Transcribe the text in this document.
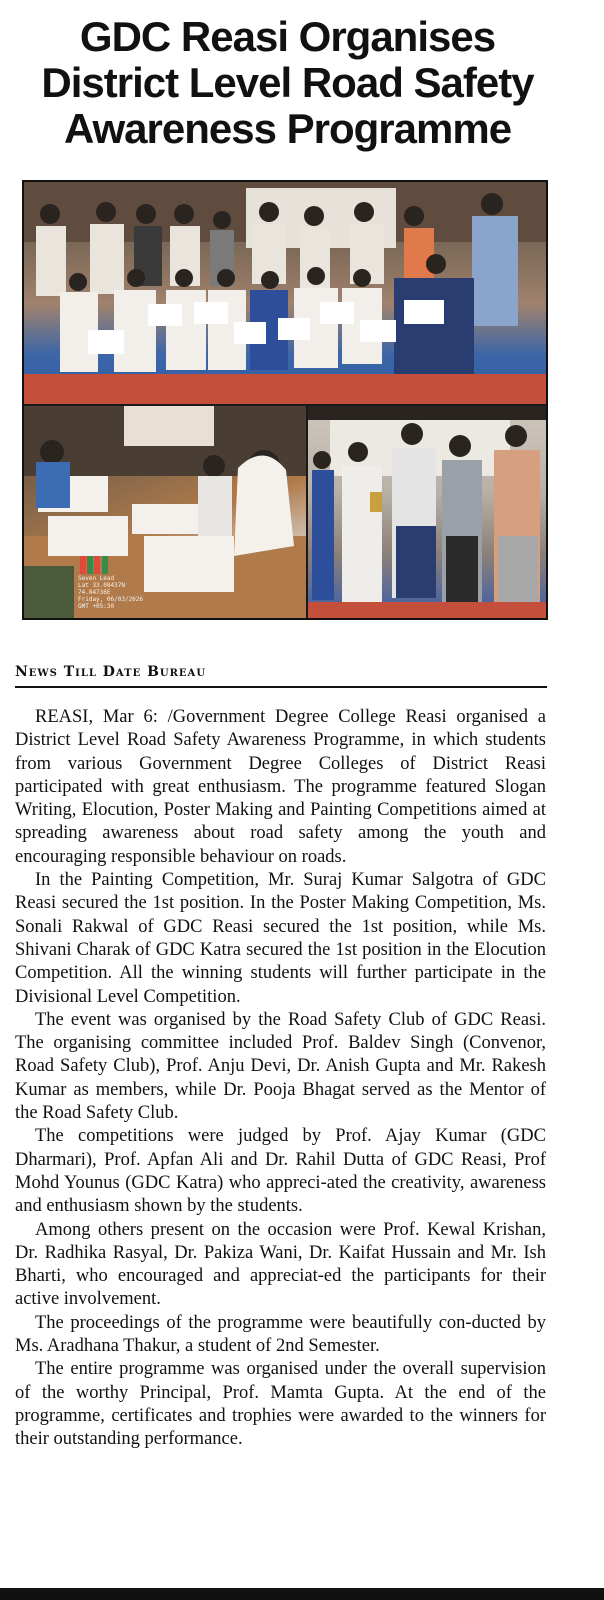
GDC Reasi Organises
District Level Road Safety
Awareness Programme
Seven Lead
Lat 33.08437N
74.84736E
Friday, 06/03/2026
GMT +05:30
News Till Date Bureau

REASI, Mar 6: /Government Degree College Reasi organised a District Level Road Safety Awareness Programme, in which students from various Government Degree Colleges of District Reasi participated with great enthusiasm. The programme featured Slogan Writing, Elocution, Poster Making and Painting Competitions aimed at spreading awareness about road safety among the youth and encouraging responsible behaviour on roads.

In the Painting Competition, Mr. Suraj Kumar Salgotra of GDC Reasi secured the 1st position. In the Poster Making Competition, Ms. Sonali Rakwal of GDC Reasi secured the 1st position, while Ms. Shivani Charak of GDC Katra secured the 1st position in the Elocution Competition. All the winning students will further participate in the Divisional Level Competition.

The event was organised by the Road Safety Club of GDC Reasi. The organising committee included Prof. Baldev Singh (Convenor, Road Safety Club), Prof. Anju Devi, Dr. Anish Gupta and Mr. Rakesh Kumar as members, while Dr. Pooja Bhagat served as the Mentor of the Road Safety Club.

The competitions were judged by Prof. Ajay Kumar (GDC Dharmari), Prof. Apfan Ali and Dr. Rahil Dutta of GDC Reasi, Prof Mohd Younus (GDC Katra) who appreci-ated the creativity, awareness and enthusiasm shown by the students.

Among others present on the occasion were Prof. Kewal Krishan, Dr. Radhika Rasyal, Dr. Pakiza Wani, Dr. Kaifat Hussain and Mr. Ish Bharti, who encouraged and appreciat-ed the participants for their active involvement.

The proceedings of the programme were beautifully con-ducted by Ms. Aradhana Thakur, a student of 2nd Semester.

The entire programme was organised under the overall supervision of the worthy Principal, Prof. Mamta Gupta. At the end of the programme, certificates and trophies were awarded to the winners for their outstanding performance.
